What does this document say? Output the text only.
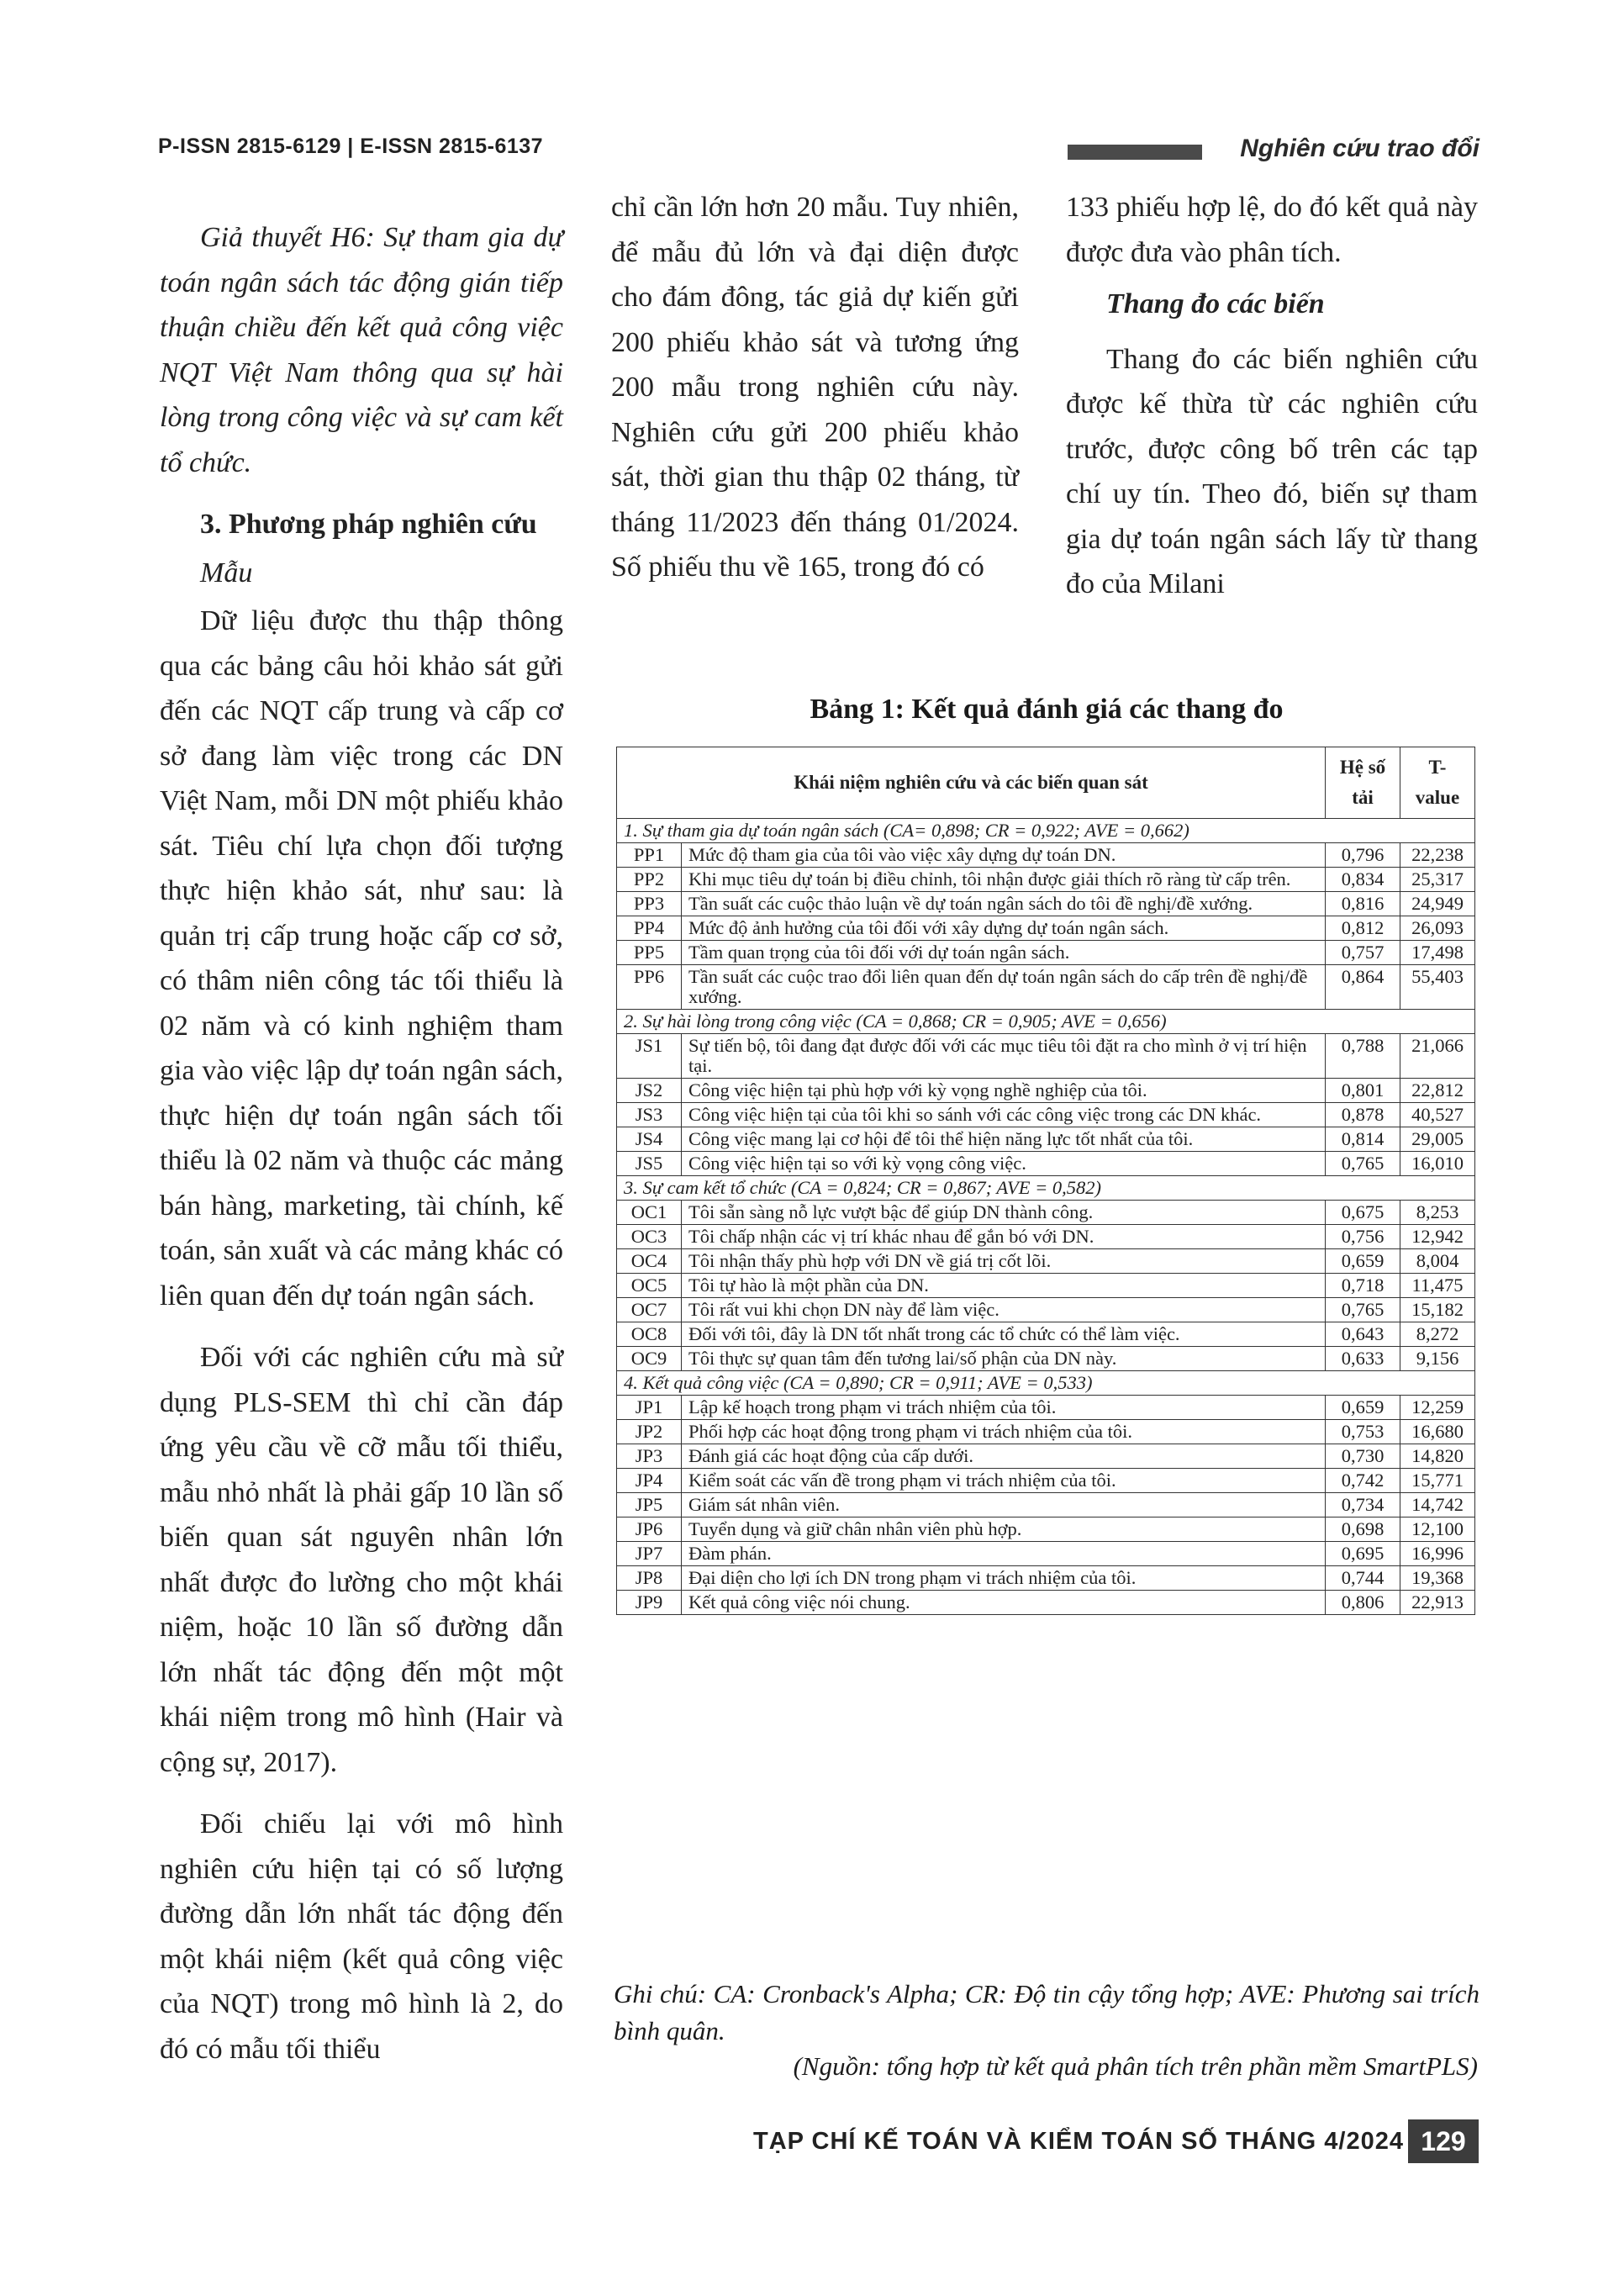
P-ISSN 2815-6129 | E-ISSN 2815-6137	Nghiên cứu trao đổi

Giả thuyết H6: Sự tham gia dự toán ngân sách tác động gián tiếp thuận chiều đến kết quả công việc NQT Việt Nam thông qua sự hài lòng trong công việc và sự cam kết tổ chức.

3. Phương pháp nghiên cứu

Mẫu

Dữ liệu được thu thập thông qua các bảng câu hỏi khảo sát gửi đến các NQT cấp trung và cấp cơ sở đang làm việc trong các DN Việt Nam, mỗi DN một phiếu khảo sát. Tiêu chí lựa chọn đối tượng thực hiện khảo sát, như sau: là quản trị cấp trung hoặc cấp cơ sở, có thâm niên công tác tối thiểu là 02 năm và có kinh nghiệm tham gia vào việc lập dự toán ngân sách, thực hiện dự toán ngân sách tối thiểu là 02 năm và thuộc các mảng bán hàng, marketing, tài chính, kế toán, sản xuất và các mảng khác có liên quan đến dự toán ngân sách.

Đối với các nghiên cứu mà sử dụng PLS-SEM thì chỉ cần đáp ứng yêu cầu về cỡ mẫu tối thiểu, mẫu nhỏ nhất là phải gấp 10 lần số biến quan sát nguyên nhân lớn nhất được đo lường cho một khái niệm, hoặc 10 lần số đường dẫn lớn nhất tác động đến một một khái niệm trong mô hình (Hair và cộng sự, 2017).

Đối chiếu lại với mô hình nghiên cứu hiện tại có số lượng đường dẫn lớn nhất tác động đến một khái niệm (kết quả công việc của NQT) trong mô hình là 2, do đó có mẫu tối thiểu

chỉ cần lớn hơn 20 mẫu. Tuy nhiên, để mẫu đủ lớn và đại diện được cho đám đông, tác giả dự kiến gửi 200 phiếu khảo sát và tương ứng 200 mẫu trong nghiên cứu này. Nghiên cứu gửi 200 phiếu khảo sát, thời gian thu thập 02 tháng, từ tháng 11/2023 đến tháng 01/2024. Số phiếu thu về 165, trong đó có

133 phiếu hợp lệ, do đó kết quả này được đưa vào phân tích.

Thang đo các biến

Thang đo các biến nghiên cứu được kế thừa từ các nghiên cứu trước, được công bố trên các tạp chí uy tín. Theo đó, biến sự tham gia dự toán ngân sách lấy từ thang đo của Milani

Bảng 1: Kết quả đánh giá các thang đo
Khái niệm nghiên cứu và các biến quan sát		Hệ số tải	T-value
1. Sự tham gia dự toán ngân sách (CA= 0,898; CR = 0,922; AVE = 0,662)			
PP1	Mức độ tham gia của tôi vào việc xây dựng dự toán DN.	0,796	22,238
PP2	Khi mục tiêu dự toán bị điều chỉnh, tôi nhận được giải thích rõ ràng từ cấp trên.	0,834	25,317
PP3	Tần suất các cuộc thảo luận về dự toán ngân sách do tôi đề nghị/đề xướng.	0,816	24,949
PP4	Mức độ ảnh hưởng của tôi đối với xây dựng dự toán ngân sách.	0,812	26,093
PP5	Tầm quan trọng của tôi đối với dự toán ngân sách.	0,757	17,498
PP6	Tần suất các cuộc trao đổi liên quan đến dự toán ngân sách do cấp trên đề nghị/đề xướng.	0,864	55,403
2. Sự hài lòng trong công việc (CA = 0,868; CR = 0,905; AVE = 0,656)			
JS1	Sự tiến bộ, tôi đang đạt được đối với các mục tiêu tôi đặt ra cho mình ở vị trí hiện tại.	0,788	21,066
JS2	Công việc hiện tại phù hợp với kỳ vọng nghề nghiệp của tôi.	0,801	22,812
JS3	Công việc hiện tại của tôi khi so sánh với các công việc trong các DN khác.	0,878	40,527
JS4	Công việc mang lại cơ hội để tôi thể hiện năng lực tốt nhất của tôi.	0,814	29,005
JS5	Công việc hiện tại so với kỳ vọng công việc.	0,765	16,010
3. Sự cam kết tổ chức (CA = 0,824; CR = 0,867; AVE = 0,582)			
OC1	Tôi sẵn sàng nỗ lực vượt bậc để giúp DN thành công.	0,675	8,253
OC3	Tôi chấp nhận các vị trí khác nhau để gắn bó với DN.	0,756	12,942
OC4	Tôi nhận thấy phù hợp với DN về giá trị cốt lõi.	0,659	8,004
OC5	Tôi tự hào là một phần của DN.	0,718	11,475
OC7	Tôi rất vui khi chọn DN này để làm việc.	0,765	15,182
OC8	Đối với tôi, đây là DN tốt nhất trong các tổ chức có thể làm việc.	0,643	8,272
OC9	Tôi thực sự quan tâm đến tương lai/số phận của DN này.	0,633	9,156
4. Kết quả công việc (CA = 0,890; CR = 0,911; AVE = 0,533)			
JP1	Lập kế hoạch trong phạm vi trách nhiệm của tôi.	0,659	12,259
JP2	Phối hợp các hoạt động trong phạm vi trách nhiệm của tôi.	0,753	16,680
JP3	Đánh giá các hoạt động của cấp dưới.	0,730	14,820
JP4	Kiểm soát các vấn đề trong phạm vi trách nhiệm của tôi.	0,742	15,771
JP5	Giám sát nhân viên.	0,734	14,742
JP6	Tuyển dụng và giữ chân nhân viên phù hợp.	0,698	12,100
JP7	Đàm phán.	0,695	16,996
JP8	Đại diện cho lợi ích DN trong phạm vi trách nhiệm của tôi.	0,744	19,368
JP9	Kết quả công việc nói chung.	0,806	22,913
Ghi chú: CA: Cronback's Alpha; CR: Độ tin cậy tổng hợp; AVE: Phương sai trích bình quân.
(Nguồn: tổng hợp từ kết quả phân tích trên phần mềm SmartPLS)
TẠP CHÍ KẾ TOÁN VÀ KIỂM TOÁN SỐ THÁNG 4/2024 129
